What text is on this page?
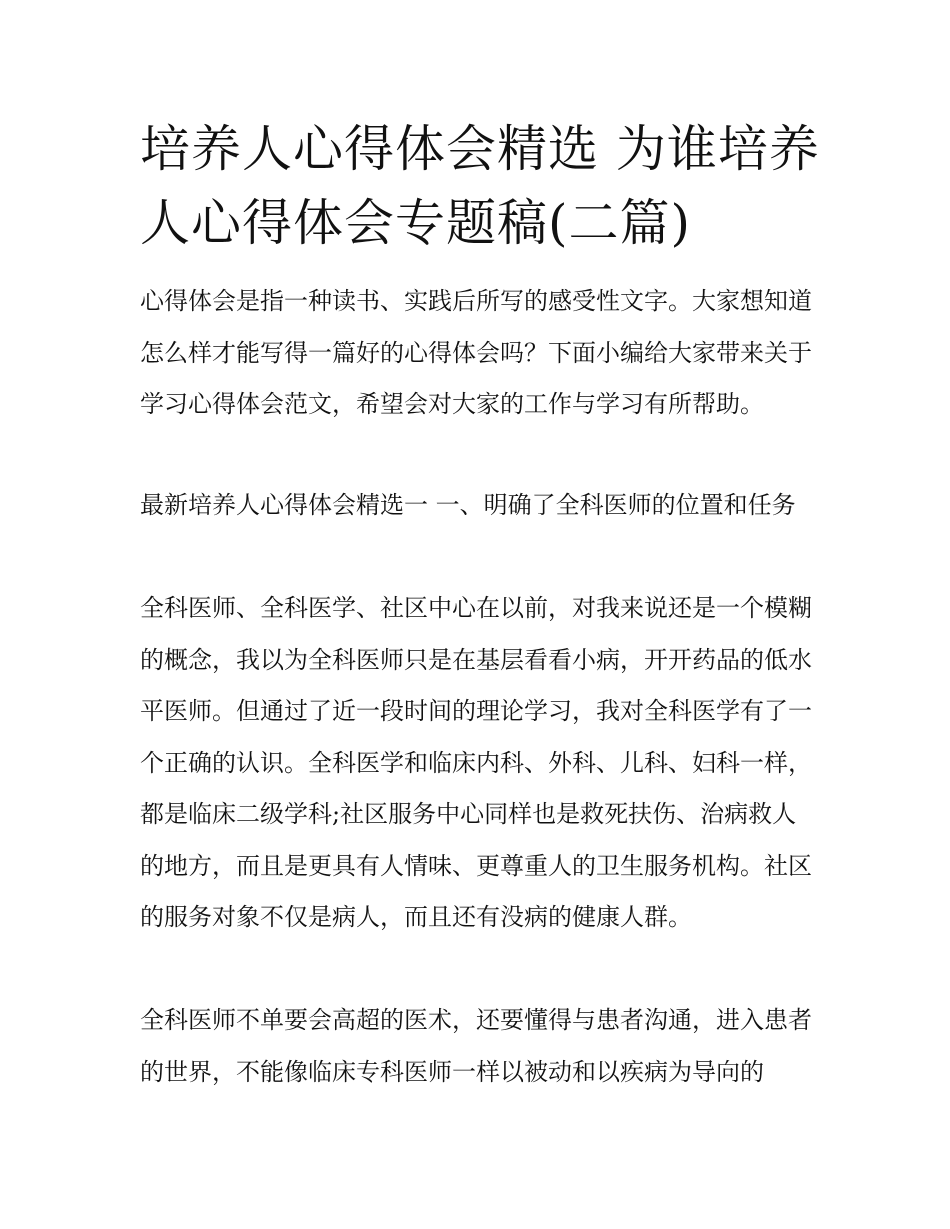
培养人心得体会精选 为谁培养人心得体会专题稿(二篇)

心得体会是指一种读书、实践后所写的感受性文字。大家想知道怎么样才能写得一篇好的心得体会吗？下面小编给大家带来关于学习心得体会范文，希望会对大家的工作与学习有所帮助。

最新培养人心得体会精选一 一、明确了全科医师的位置和任务

全科医师、全科医学、社区中心在以前，对我来说还是一个模糊的概念，我以为全科医师只是在基层看看小病，开开药品的低水平医师。但通过了近一段时间的理论学习，我对全科医学有了一个正确的认识。全科医学和临床内科、外科、儿科、妇科一样，都是临床二级学科;社区服务中心同样也是救死扶伤、治病救人的地方，而且是更具有人情味、更尊重人的卫生服务机构。社区的服务对象不仅是病人，而且还有没病的健康人群。

全科医师不单要会高超的医术，还要懂得与患者沟通，进入患者的世界，不能像临床专科医师一样以被动和以疾病为导向的
